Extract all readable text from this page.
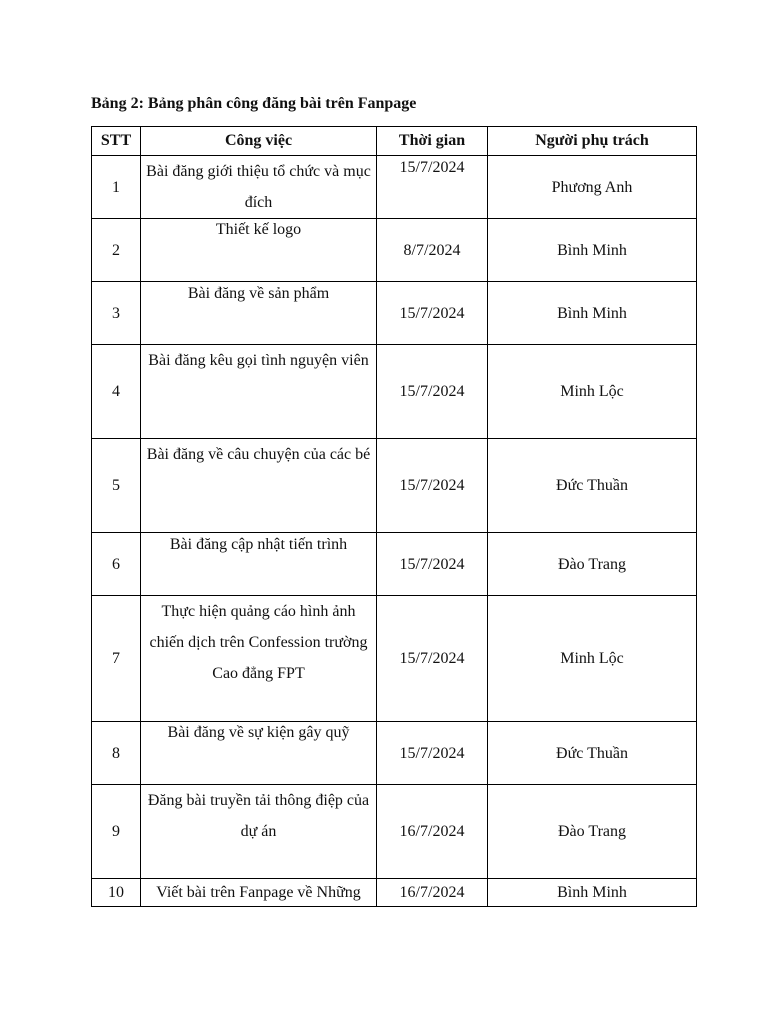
Bảng 2: Bảng phân công đăng bài trên Fanpage
STT	Công việc	Thời gian	Người phụ trách
1	Bài đăng giới thiệu tổ chức và mục đích	15/7/2024	Phương Anh
2	Thiết kế logo	8/7/2024	Bình Minh
3	Bài đăng về sản phẩm	15/7/2024	Bình Minh
4	Bài đăng kêu gọi tình nguyện viên	15/7/2024	Minh Lộc
5	Bài đăng về câu chuyện của các bé	15/7/2024	Đức Thuần
6	Bài đăng cập nhật tiến trình	15/7/2024	Đào Trang
7	Thực hiện quảng cáo hình ảnh chiến dịch trên Confession trường Cao đẳng FPT	15/7/2024	Minh Lộc
8	Bài đăng về sự kiện gây quỹ	15/7/2024	Đức Thuần
9	Đăng bài truyền tải thông điệp của dự án	16/7/2024	Đào Trang
10	Viết bài trên Fanpage về Những	16/7/2024	Bình Minh
